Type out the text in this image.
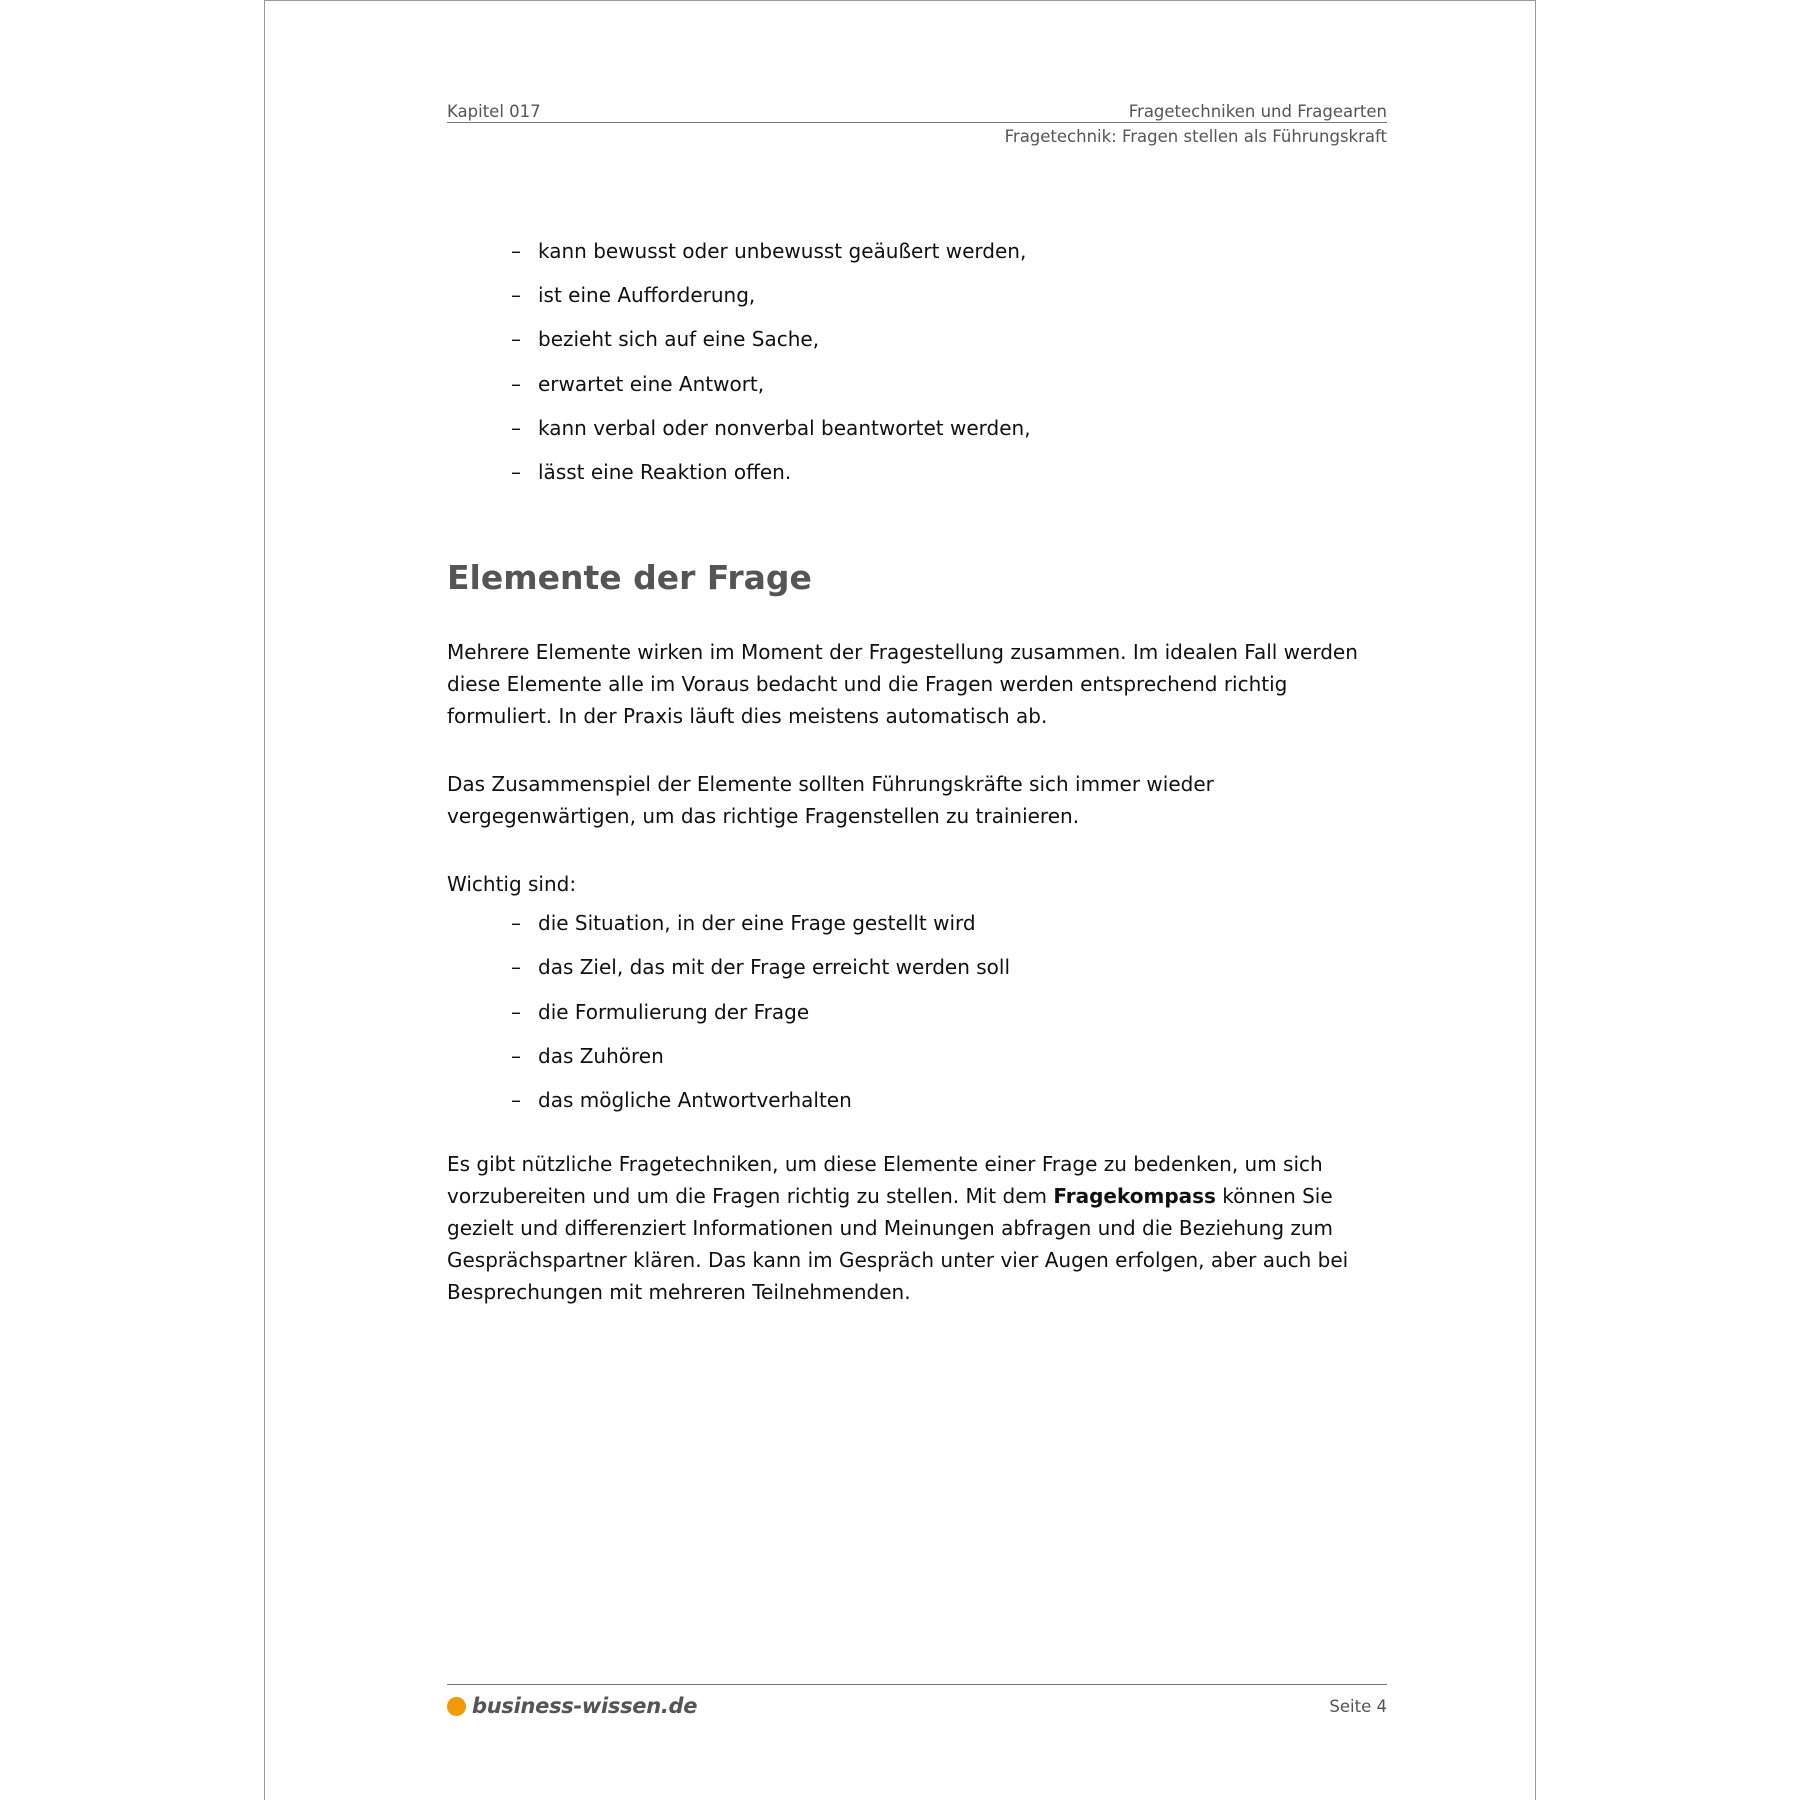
Kapitel 017	Fragetechniken und Fragearten
Fragetechnik: Fragen stellen als Führungskraft
– kann bewusst oder unbewusst geäußert werden,
– ist eine Aufforderung,
– bezieht sich auf eine Sache,
– erwartet eine Antwort,
– kann verbal oder nonverbal beantwortet werden,
– lässt eine Reaktion offen.
Elemente der Frage

Mehrere Elemente wirken im Moment der Fragestellung zusammen. Im idealen Fall werden diese Elemente alle im Voraus bedacht und die Fragen werden entsprechend richtig formuliert. In der Praxis läuft dies meistens automatisch ab.

Das Zusammenspiel der Elemente sollten Führungskräfte sich immer wieder vergegenwärtigen, um das richtige Fragenstellen zu trainieren.

Wichtig sind:

– die Situation, in der eine Frage gestellt wird
– das Ziel, das mit der Frage erreicht werden soll
– die Formulierung der Frage
– das Zuhören
– das mögliche Antwortverhalten

Es gibt nützliche Fragetechniken, um diese Elemente einer Frage zu bedenken, um sich vorzubereiten und um die Fragen richtig zu stellen. Mit dem Fragekompass können Sie gezielt und differenziert Informationen und Meinungen abfragen und die Beziehung zum Gesprächspartner klären. Das kann im Gespräch unter vier Augen erfolgen, aber auch bei Besprechungen mit mehreren Teilnehmenden.

business-wissen.de	Seite 4
